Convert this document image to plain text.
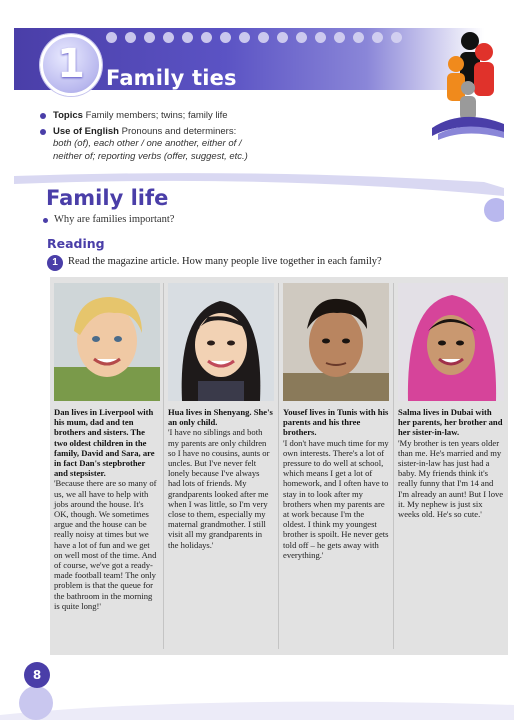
1	Family ties
Topics Family members; twins; family life
Use of English Pronouns and determiners:
both (of), each other / one another, either of /
neither of; reporting verbs (offer, suggest, etc.)
Family life
Why are families important?
Reading
1 Read the magazine article. How many people live together in each family?
Dan lives in Liverpool with his mum, dad and ten brothers and sisters. The two oldest children in the family, David and Sara, are in fact Dan's stepbrother and stepsister.
'Because there are so many of us, we all have to help with jobs around the house. It's OK, though. We sometimes argue and the house can be really noisy at times but we have a lot of fun and we get on well most of the time. And of course, we've got a ready-made football team! The only problem is that the queue for the bathroom in the morning is quite long!'
Hua lives in Shenyang. She's an only child.
'I have no siblings and both my parents are only children so I have no cousins, aunts or uncles. But I've never felt lonely because I've always had lots of friends. My grandparents looked after me when I was little, so I'm very close to them, especially my maternal grandmother. I still visit all my grandparents in the holidays.'
Yousef lives in Tunis with his parents and his three brothers.
'I don't have much time for my own interests. There's a lot of pressure to do well at school, which means I get a lot of homework, and I often have to stay in to look after my brothers when my parents are at work because I'm the oldest. I think my youngest brother is spoilt. He never gets told off – he gets away with everything.'
Salma lives in Dubai with her parents, her brother and her sister-in-law.
'My brother is ten years older than me. He's married and my sister-in-law has just had a baby. My friends think it's really funny that I'm 14 and I'm already an aunt! But I love it. My nephew is just six weeks old. He's so cute.'
8
